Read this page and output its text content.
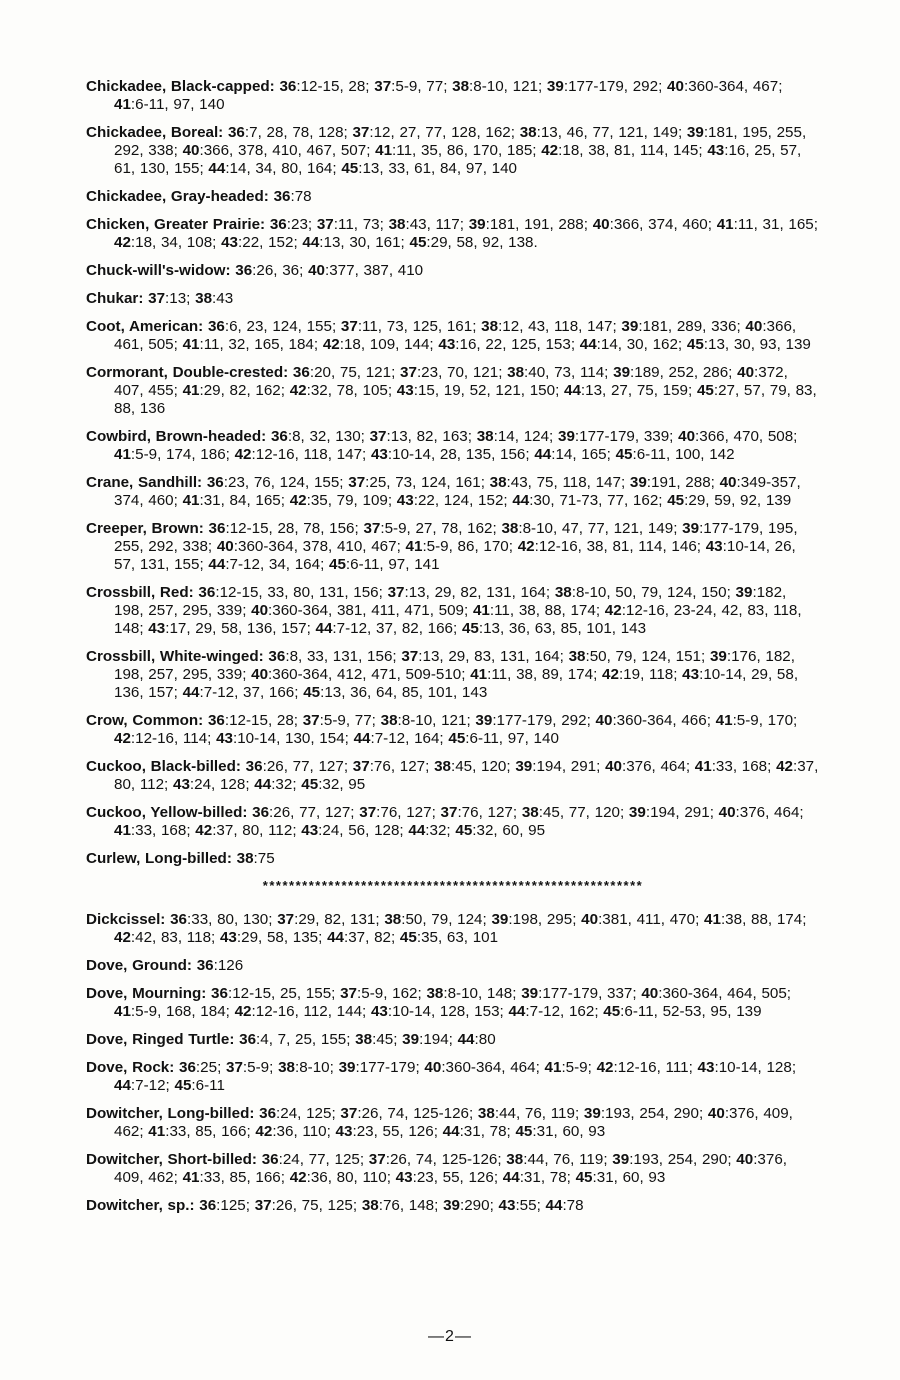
Chickadee, Black-capped: 36:12-15, 28; 37:5-9, 77; 38:8-10, 121; 39:177-179, 292; 40:360-364, 467; 41:6-11, 97, 140
Chickadee, Boreal: 36:7, 28, 78, 128; 37:12, 27, 77, 128, 162; 38:13, 46, 77, 121, 149; 39:181, 195, 255, 292, 338; 40:366, 378, 410, 467, 507; 41:11, 35, 86, 170, 185; 42:18, 38, 81, 114, 145; 43:16, 25, 57, 61, 130, 155; 44:14, 34, 80, 164; 45:13, 33, 61, 84, 97, 140
Chickadee, Gray-headed: 36:78
Chicken, Greater Prairie: 36:23; 37:11, 73; 38:43, 117; 39:181, 191, 288; 40:366, 374, 460; 41:11, 31, 165; 42:18, 34, 108; 43:22, 152; 44:13, 30, 161; 45:29, 58, 92, 138.
Chuck-will's-widow: 36:26, 36; 40:377, 387, 410
Chukar: 37:13; 38:43
Coot, American: 36:6, 23, 124, 155; 37:11, 73, 125, 161; 38:12, 43, 118, 147; 39:181, 289, 336; 40:366, 461, 505; 41:11, 32, 165, 184; 42:18, 109, 144; 43:16, 22, 125, 153; 44:14, 30, 162; 45:13, 30, 93, 139
Cormorant, Double-crested: 36:20, 75, 121; 37:23, 70, 121; 38:40, 73, 114; 39:189, 252, 286; 40:372, 407, 455; 41:29, 82, 162; 42:32, 78, 105; 43:15, 19, 52, 121, 150; 44:13, 27, 75, 159; 45:27, 57, 79, 83, 88, 136
Cowbird, Brown-headed: 36:8, 32, 130; 37:13, 82, 163; 38:14, 124; 39:177-179, 339; 40:366, 470, 508; 41:5-9, 174, 186; 42:12-16, 118, 147; 43:10-14, 28, 135, 156; 44:14, 165; 45:6-11, 100, 142
Crane, Sandhill: 36:23, 76, 124, 155; 37:25, 73, 124, 161; 38:43, 75, 118, 147; 39:191, 288; 40:349-357, 374, 460; 41:31, 84, 165; 42:35, 79, 109; 43:22, 124, 152; 44:30, 71-73, 77, 162; 45:29, 59, 92, 139
Creeper, Brown: 36:12-15, 28, 78, 156; 37:5-9, 27, 78, 162; 38:8-10, 47, 77, 121, 149; 39:177-179, 195, 255, 292, 338; 40:360-364, 378, 410, 467; 41:5-9, 86, 170; 42:12-16, 38, 81, 114, 146; 43:10-14, 26, 57, 131, 155; 44:7-12, 34, 164; 45:6-11, 97, 141
Crossbill, Red: 36:12-15, 33, 80, 131, 156; 37:13, 29, 82, 131, 164; 38:8-10, 50, 79, 124, 150; 39:182, 198, 257, 295, 339; 40:360-364, 381, 411, 471, 509; 41:11, 38, 88, 174; 42:12-16, 23-24, 42, 83, 118, 148; 43:17, 29, 58, 136, 157; 44:7-12, 37, 82, 166; 45:13, 36, 63, 85, 101, 143
Crossbill, White-winged: 36:8, 33, 131, 156; 37:13, 29, 83, 131, 164; 38:50, 79, 124, 151; 39:176, 182, 198, 257, 295, 339; 40:360-364, 412, 471, 509-510; 41:11, 38, 89, 174; 42:19, 118; 43:10-14, 29, 58, 136, 157; 44:7-12, 37, 166; 45:13, 36, 64, 85, 101, 143
Crow, Common: 36:12-15, 28; 37:5-9, 77; 38:8-10, 121; 39:177-179, 292; 40:360-364, 466; 41:5-9, 170; 42:12-16, 114; 43:10-14, 130, 154; 44:7-12, 164; 45:6-11, 97, 140
Cuckoo, Black-billed: 36:26, 77, 127; 37:76, 127; 38:45, 120; 39:194, 291; 40:376, 464; 41:33, 168; 42:37, 80, 112; 43:24, 128; 44:32; 45:32, 95
Cuckoo, Yellow-billed: 36:26, 77, 127; 37:76, 127; 37:76, 127; 38:45, 77, 120; 39:194, 291; 40:376, 464; 41:33, 168; 42:37, 80, 112; 43:24, 56, 128; 44:32; 45:32, 60, 95
Curlew, Long-billed: 38:75
**********************************************************
Dickcissel: 36:33, 80, 130; 37:29, 82, 131; 38:50, 79, 124; 39:198, 295; 40:381, 411, 470; 41:38, 88, 174; 42:42, 83, 118; 43:29, 58, 135; 44:37, 82; 45:35, 63, 101
Dove, Ground: 36:126
Dove, Mourning: 36:12-15, 25, 155; 37:5-9, 162; 38:8-10, 148; 39:177-179, 337; 40:360-364, 464, 505; 41:5-9, 168, 184; 42:12-16, 112, 144; 43:10-14, 128, 153; 44:7-12, 162; 45:6-11, 52-53, 95, 139
Dove, Ringed Turtle: 36:4, 7, 25, 155; 38:45; 39:194; 44:80
Dove, Rock: 36:25; 37:5-9; 38:8-10; 39:177-179; 40:360-364, 464; 41:5-9; 42:12-16, 111; 43:10-14, 128; 44:7-12; 45:6-11
Dowitcher, Long-billed: 36:24, 125; 37:26, 74, 125-126; 38:44, 76, 119; 39:193, 254, 290; 40:376, 409, 462; 41:33, 85, 166; 42:36, 110; 43:23, 55, 126; 44:31, 78; 45:31, 60, 93
Dowitcher, Short-billed: 36:24, 77, 125; 37:26, 74, 125-126; 38:44, 76, 119; 39:193, 254, 290; 40:376, 409, 462; 41:33, 85, 166; 42:36, 80, 110; 43:23, 55, 126; 44:31, 78; 45:31, 60, 93
Dowitcher, sp.: 36:125; 37:26, 75, 125; 38:76, 148; 39:290; 43:55; 44:78
—2—
